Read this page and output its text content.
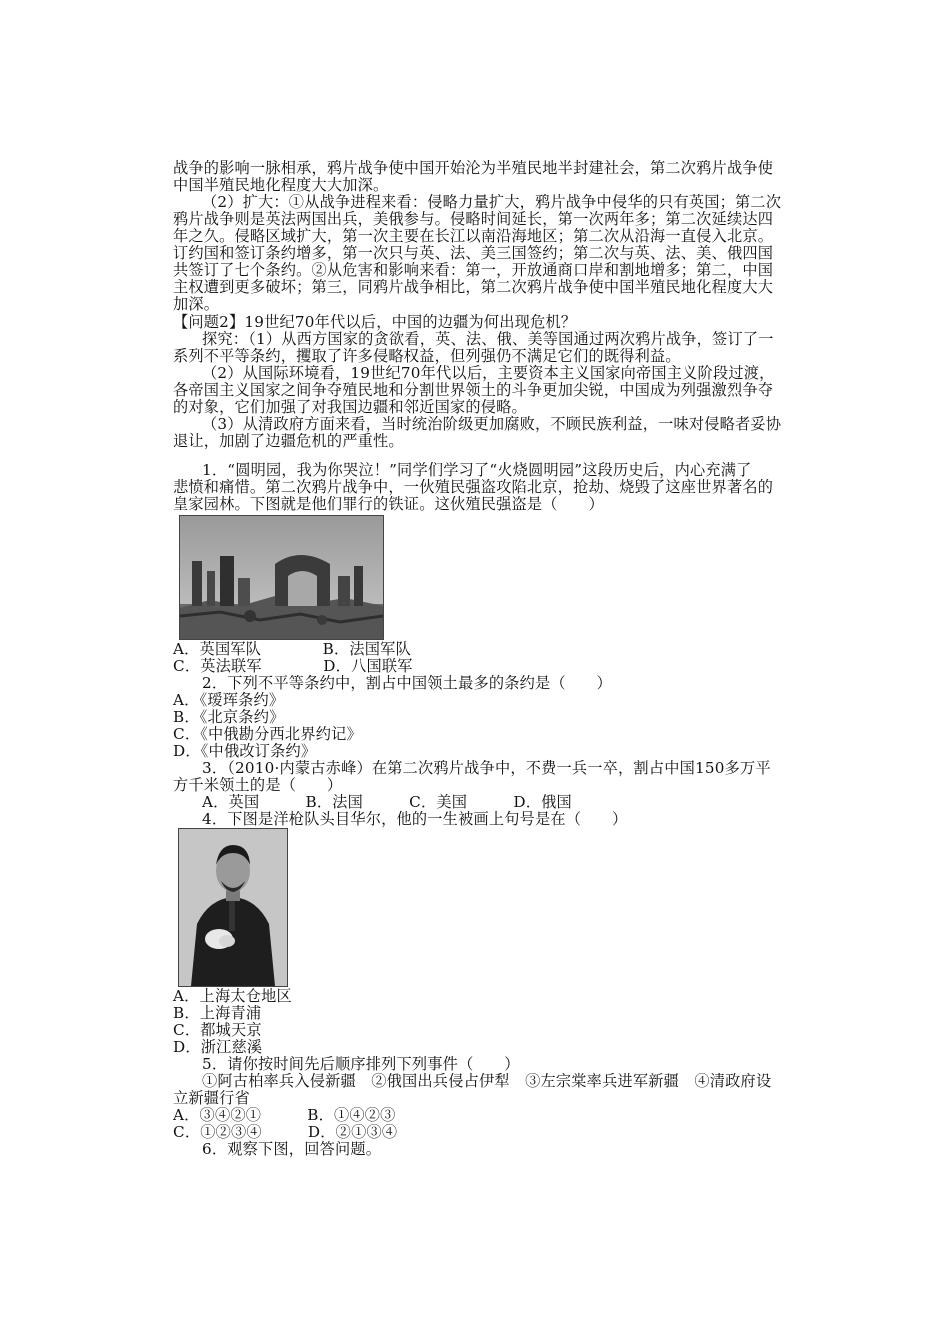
战争的影响一脉相承，鸦片战争使中国开始沦为半殖民地半封建社会，第二次鸦片战争使
中国半殖民地化程度大大加深。
（2）扩大：①从战争进程来看：侵略力量扩大，鸦片战争中侵华的只有英国；第二次
鸦片战争则是英法两国出兵，美俄参与。侵略时间延长，第一次两年多；第二次延续达四
年之久。侵略区域扩大，第一次主要在长江以南沿海地区；第二次从沿海一直侵入北京。
订约国和签订条约增多，第一次只与英、法、美三国签约；第二次与英、法、美、俄四国
共签订了七个条约。②从危害和影响来看：第一，开放通商口岸和割地增多；第二，中国
主权遭到更多破坏；第三，同鸦片战争相比，第二次鸦片战争使中国半殖民地化程度大大
加深。
【问题2】19世纪70年代以后，中国的边疆为何出现危机？
探究：（1）从西方国家的贪欲看，英、法、俄、美等国通过两次鸦片战争，签订了一
系列不平等条约，攫取了许多侵略权益，但列强仍不满足它们的既得利益。
（2）从国际环境看，19世纪70年代以后，主要资本主义国家向帝国主义阶段过渡，
各帝国主义国家之间争夺殖民地和分割世界领土的斗争更加尖锐，中国成为列强激烈争夺
的对象，它们加强了对我国边疆和邻近国家的侵略。
（3）从清政府方面来看，当时统治阶级更加腐败，不顾民族利益，一味对侵略者妥协
退让，加剧了边疆危机的严重性。
1．“圆明园，我为你哭泣！”同学们学习了“火烧圆明园”这段历史后，内心充满了
悲愤和痛惜。第二次鸦片战争中，一伙殖民强盗攻陷北京，抢劫、烧毁了这座世界著名的
皇家园林。下图就是他们罪行的铁证。这伙殖民强盗是（　　）
A．英国军队　　　　B．法国军队
C．英法联军　　　　D．八国联军
2．下列不平等条约中，割占中国领土最多的条约是（　　）
A．《瑷珲条约》
B．《北京条约》
C．《中俄勘分西北界约记》
D．《中俄改订条约》
3．（2010·内蒙古赤峰）在第二次鸦片战争中，不费一兵一卒，割占中国150多万平
方千米领土的是（　　）
A．英国　　　B．法国　　　C．美国　　　D．俄国
4．下图是洋枪队头目华尔，他的一生被画上句号是在（　　）
A．上海太仓地区
B．上海青浦
C．都城天京
D．浙江慈溪
5．请你按时间先后顺序排列下列事件（　　）
①阿古柏率兵入侵新疆　②俄国出兵侵占伊犁　③左宗棠率兵进军新疆　④清政府设
立新疆行省
A．③④②①　　　B．①④②③
C．①②③④　　　D．②①③④
6．观察下图，回答问题。
